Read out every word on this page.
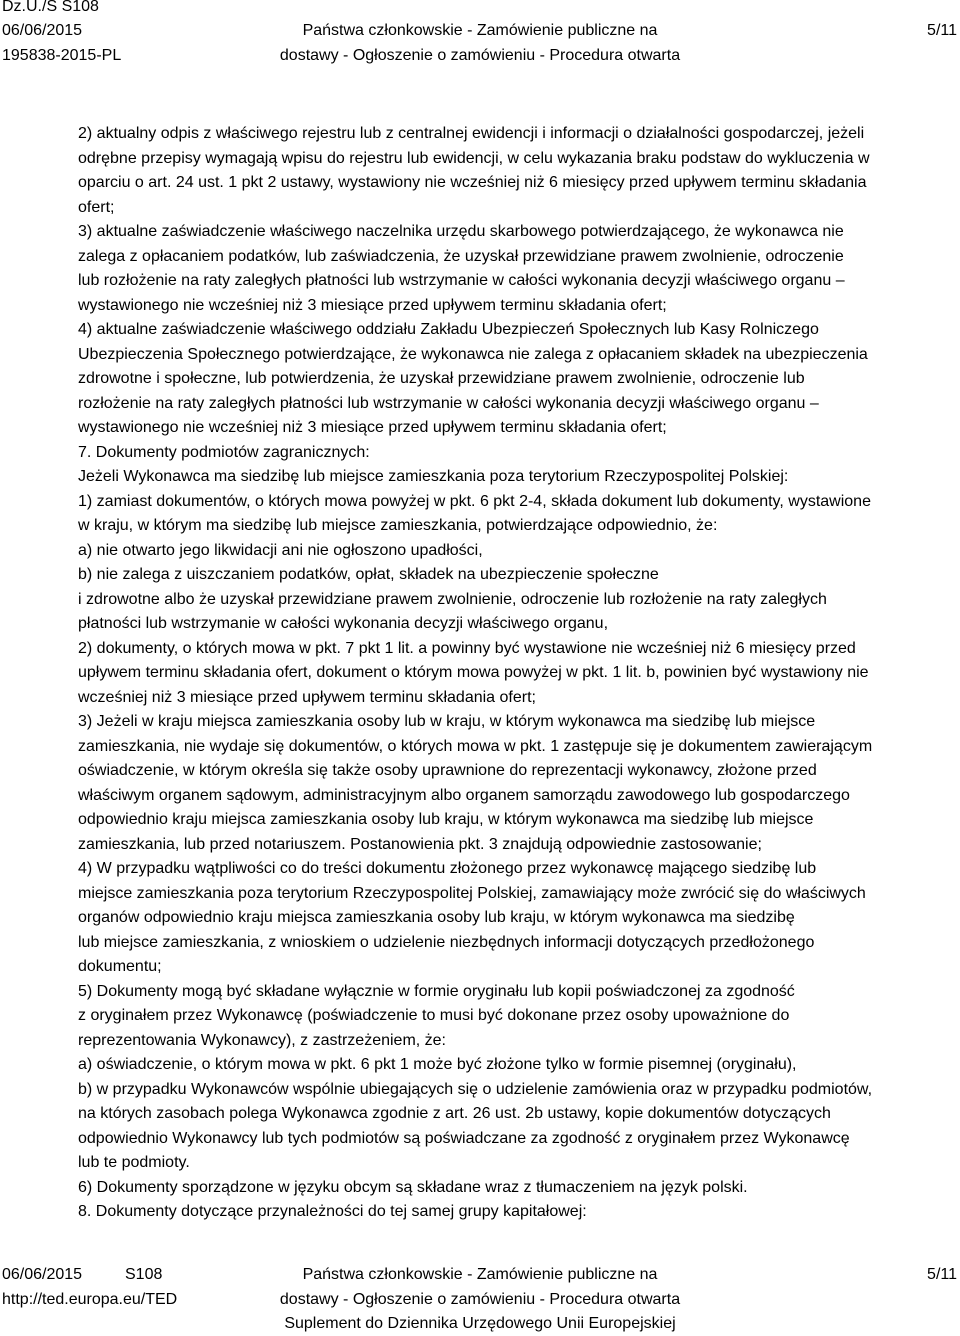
Dz.U./S S108
06/06/2015
195838-2015-PL
Państwa członkowskie - Zamówienie publiczne na
dostawy - Ogłoszenie o zamówieniu - Procedura otwarta
5/11
2) aktualny odpis z właściwego rejestru lub z centralnej ewidencji i informacji o działalności gospodarczej, jeżeli
odrębne przepisy wymagają wpisu do rejestru lub ewidencji, w celu wykazania braku podstaw do wykluczenia w
oparciu o art. 24 ust. 1 pkt 2 ustawy, wystawiony nie wcześniej niż 6 miesięcy przed upływem terminu składania
ofert;
3) aktualne zaświadczenie właściwego naczelnika urzędu skarbowego potwierdzającego, że wykonawca nie
zalega z opłacaniem podatków, lub zaświadczenia, że uzyskał przewidziane prawem zwolnienie, odroczenie
lub rozłożenie na raty zaległych płatności lub wstrzymanie w całości wykonania decyzji właściwego organu –
wystawionego nie wcześniej niż 3 miesiące przed upływem terminu składania ofert;
4) aktualne zaświadczenie właściwego oddziału Zakładu Ubezpieczeń Społecznych lub Kasy Rolniczego
Ubezpieczenia Społecznego potwierdzające, że wykonawca nie zalega z opłacaniem składek na ubezpieczenia
zdrowotne i społeczne, lub potwierdzenia, że uzyskał przewidziane prawem zwolnienie, odroczenie lub
rozłożenie na raty zaległych płatności lub wstrzymanie w całości wykonania decyzji właściwego organu –
wystawionego nie wcześniej niż 3 miesiące przed upływem terminu składania ofert;
7. Dokumenty podmiotów zagranicznych:
Jeżeli Wykonawca ma siedzibę lub miejsce zamieszkania poza terytorium Rzeczypospolitej Polskiej:
1) zamiast dokumentów, o których mowa powyżej w pkt. 6 pkt 2-4, składa dokument lub dokumenty, wystawione
w kraju, w którym ma siedzibę lub miejsce zamieszkania, potwierdzające odpowiednio, że:
a) nie otwarto jego likwidacji ani nie ogłoszono upadłości,
b) nie zalega z uiszczaniem podatków, opłat, składek na ubezpieczenie społeczne
i zdrowotne albo że uzyskał przewidziane prawem zwolnienie, odroczenie lub rozłożenie na raty zaległych
płatności lub wstrzymanie w całości wykonania decyzji właściwego organu,
2) dokumenty, o których mowa w pkt. 7 pkt 1 lit. a powinny być wystawione nie wcześniej niż 6 miesięcy przed
upływem terminu składania ofert, dokument o którym mowa powyżej w pkt. 1 lit. b, powinien być wystawiony nie
wcześniej niż 3 miesiące przed upływem terminu składania ofert;
3) Jeżeli w kraju miejsca zamieszkania osoby lub w kraju, w którym wykonawca ma siedzibę lub miejsce
zamieszkania, nie wydaje się dokumentów, o których mowa w pkt. 1 zastępuje się je dokumentem zawierającym
oświadczenie, w którym określa się także osoby uprawnione do reprezentacji wykonawcy, złożone przed
właściwym organem sądowym, administracyjnym albo organem samorządu zawodowego lub gospodarczego
odpowiednio kraju miejsca zamieszkania osoby lub kraju, w którym wykonawca ma siedzibę lub miejsce
zamieszkania, lub przed notariuszem. Postanowienia pkt. 3 znajdują odpowiednie zastosowanie;
4) W przypadku wątpliwości co do treści dokumentu złożonego przez wykonawcę mającego siedzibę lub
miejsce zamieszkania poza terytorium Rzeczypospolitej Polskiej, zamawiający może zwrócić się do właściwych
organów odpowiednio kraju miejsca zamieszkania osoby lub kraju, w którym wykonawca ma siedzibę
lub miejsce zamieszkania, z wnioskiem o udzielenie niezbędnych informacji dotyczących przedłożonego
dokumentu;
5) Dokumenty mogą być składane wyłącznie w formie oryginału lub kopii poświadczonej za zgodność
z oryginałem przez Wykonawcę (poświadczenie to musi być dokonane przez osoby upoważnione do
reprezentowania Wykonawcy), z zastrzeżeniem, że:
a) oświadczenie, o którym mowa w pkt. 6 pkt 1 może być złożone tylko w formie pisemnej (oryginału),
b) w przypadku Wykonawców wspólnie ubiegających się o udzielenie zamówienia oraz w przypadku podmiotów,
na których zasobach polega Wykonawca zgodnie z art. 26 ust. 2b ustawy, kopie dokumentów dotyczących
odpowiednio Wykonawcy lub tych podmiotów są poświadczane za zgodność z oryginałem przez Wykonawcę
lub te podmioty.
6) Dokumenty sporządzone w języku obcym są składane wraz z tłumaczeniem na język polski.
8. Dokumenty dotyczące przynależności do tej samej grupy kapitałowej:
06/06/2015	S108
http://ted.europa.eu/TED
Państwa członkowskie - Zamówienie publiczne na
dostawy - Ogłoszenie o zamówieniu - Procedura otwarta
Suplement do Dziennika Urzędowego Unii Europejskiej
5/11
